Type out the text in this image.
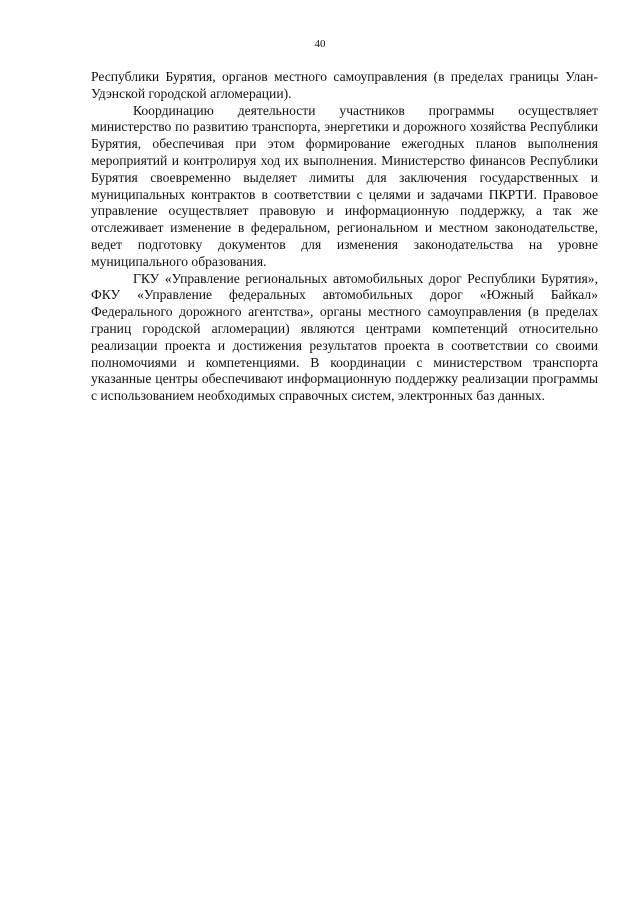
40

Республики Бурятия, органов местного самоуправления (в пределах границы Улан-Удэнской городской агломерации).

Координацию деятельности участников программы осуществляет министерство по развитию транспорта, энергетики и дорожного хозяйства Республики Бурятия, обеспечивая при этом формирование ежегодных планов выполнения мероприятий и контролируя ход их выполнения. Министерство финансов Республики Бурятия своевременно выделяет лимиты для заключения государственных и муниципальных контрактов в соответствии с целями и задачами ПКРТИ. Правовое управление осуществляет правовую и информационную поддержку, а так же отслеживает изменение в федеральном, региональном и местном законодательстве, ведет подготовку документов для изменения законодательства на уровне муниципального образования.

ГКУ «Управление региональных автомобильных дорог Республики Бурятия», ФКУ «Управление федеральных автомобильных дорог «Южный Байкал» Федерального дорожного агентства», органы местного самоуправления (в пределах границ городской агломерации) являются центрами компетенций относительно реализации проекта и достижения результатов проекта в соответствии со своими полномочиями и компетенциями. В координации с министерством транспорта указанные центры обеспечивают информационную поддержку реализации программы с использованием необходимых справочных систем, электронных баз данных.
